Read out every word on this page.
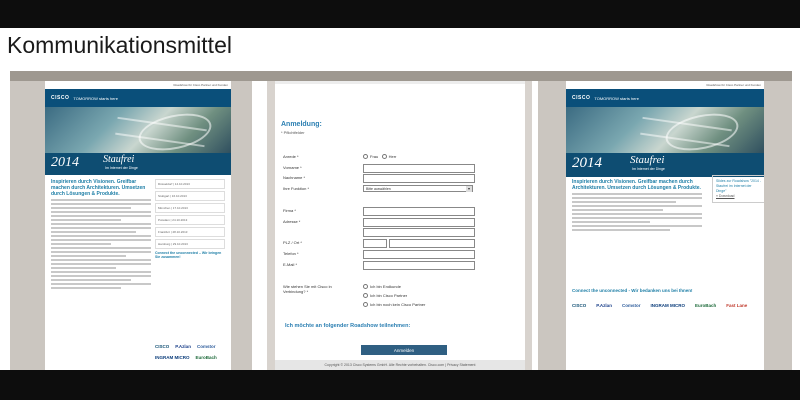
Kommunikationsmittel
Roadshow für Cisco Partner und Kunden
CISCO TOMORROW starts here
2014 Staufrei
Im Internet der Dinge
Inspirieren durch Visionen. Greifbar machen durch Architekturen. Umsetzen durch Lösungen & Produkte.
Düsseldorf | 14.10.2013
Stuttgart | 16.10.2013
München | 17.10.2013
Potsdam | 24.10.2013
Frankfurt | 28.10.2013
Hamburg | 29.10.2013
Connect the unconnected – Wir bringen Sie zusammen!
CISCO P.Azlan Comstor
INGRAM MICRO EuroBach
Anmeldung:
* Pflichtfelder
Anrede *	Frau	Herr
Vorname *
Nachname *
Ihre Funktion *	Bitte auswählen	▾
Firma *
Adresse *
PLZ / Ort *
Telefon *
E-Mail *
Wie stehen Sie mit Cisco in Verbindung? *
Ich bin Endkunde
Ich bin Cisco Partner
Ich bin noch kein Cisco Partner
Ich möchte an folgender Roadshow teilnehmen:
Anmelden
Copyright © 2013 Cisco Systems GmbH. Alle Rechte vorbehalten. Cisco.com | Privacy Statement
Roadshow für Cisco Partner und Kunden
CISCO TOMORROW starts here
2014	Staufrei
Im Internet der Dinge
Inspirieren durch Visionen. Greifbar machen durch Architekturen. Umsetzen durch Lösungen & Produkte.
Slides zur Roadshow "2014 - Staufrei im Internet der Dinge"
» Download
Connect the unconnected - Wir bedanken uns bei Ihnen!
CISCO P.Azlan Comstor INGRAM MICRO EuroBach Fast Lane
